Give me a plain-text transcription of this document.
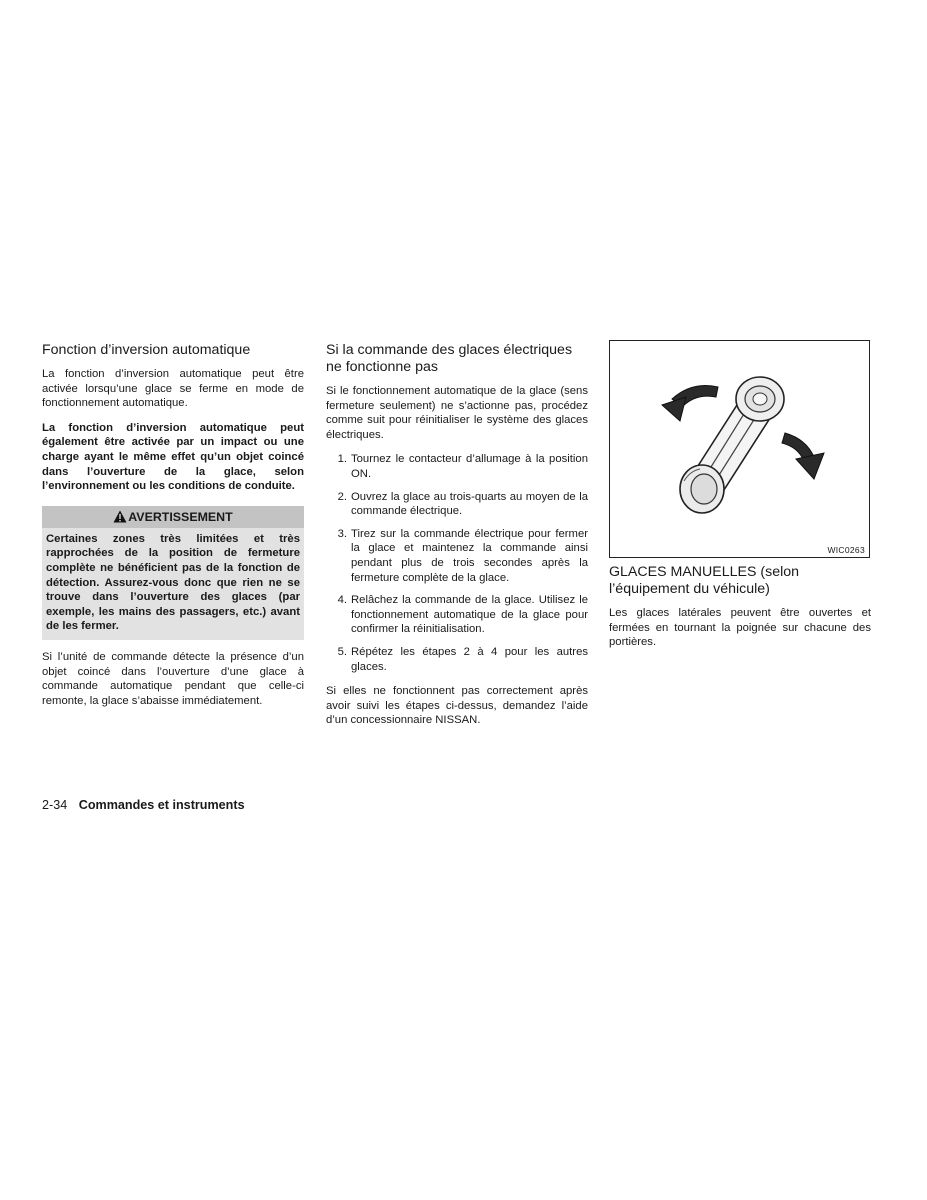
Fonction d’inversion automatique

La fonction d’inversion automatique peut être activée lorsqu’une glace se ferme en mode de fonctionnement automatique.

La fonction d’inversion automatique peut également être activée par un impact ou une charge ayant le même effet qu’un objet coincé dans l’ouverture de la glace, selon l’environnement ou les conditions de conduite.

AVERTISSEMENT
Certaines zones très limitées et très rapprochées de la position de fermeture complète ne bénéficient pas de la fonction de détection. Assurez-vous donc que rien ne se trouve dans l’ouverture des glaces (par exemple, les mains des passagers, etc.) avant de les fermer.

Si l’unité de commande détecte la présence d’un objet coincé dans l’ouverture d’une glace à commande automatique pendant que celle-ci remonte, la glace s’abaisse immédiatement.

Si la commande des glaces électriques ne fonctionne pas

Si le fonctionnement automatique de la glace (sens fermeture seulement) ne s’actionne pas, procédez comme suit pour réinitialiser le système des glaces électriques.

1. Tournez le contacteur d’allumage à la position ON.
2. Ouvrez la glace au trois-quarts au moyen de la commande électrique.
3. Tirez sur la commande électrique pour fermer la glace et maintenez la commande ainsi pendant plus de trois secondes après la fermeture complète de la glace.
4. Relâchez la commande de la glace. Utilisez le fonctionnement automatique de la glace pour confirmer la réinitialisation.
5. Répétez les étapes 2 à 4 pour les autres glaces.

Si elles ne fonctionnent pas correctement après avoir suivi les étapes ci-dessus, demandez l’aide d’un concessionnaire NISSAN.

WIC0263
GLACES MANUELLES (selon l’équipement du véhicule)

Les glaces latérales peuvent être ouvertes et fermées en tournant la poignée sur chacune des portières.

2-34 Commandes et instruments
